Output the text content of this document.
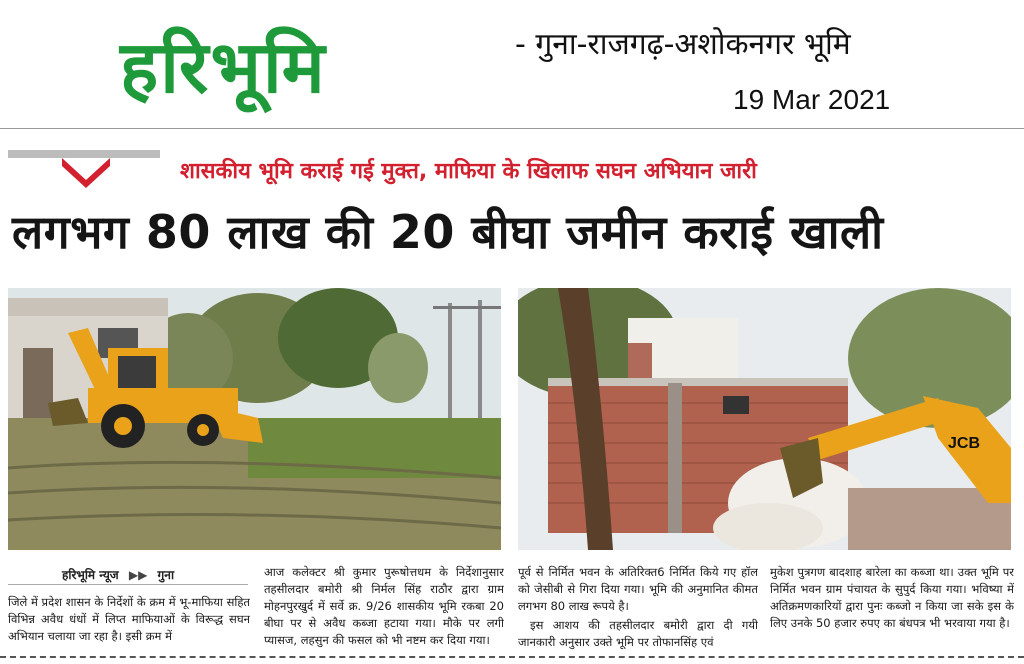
हरिभूमि	- गुना-राजगढ़-अशोकनगर भूमि
19 Mar 2021
शासकीय भूमि कराई गई मुक्त, माफिया के खिलाफ सघन अभियान जारी
लगभग 80 लाख की 20 बीघा जमीन कराई खाली
JCB
हरिभूमि न्यूज ▶▶ गुना

जिले में प्रदेश शासन के निर्देशों के क्रम में भू-माफिया सहित विभिन्न अवैध धंधों में लिप्त माफियाओं के विरूद्ध सघन अभियान चलाया जा रहा है। इसी क्रम में

आज कलेक्टर श्री कुमार पुरूषोत्तधम के निर्देशानुसार तहसीलदार बमोरी श्री निर्मल सिंह राठौर द्वारा ग्राम मोहनपुरखुर्द में सर्वे क्र. 9/26 शासकीय भूमि रकबा 20 बीघा पर से अवैध कब्जा हटाया गया। मौके पर लगी प्यासज, लहसुन की फसल को भी नष्टम कर दिया गया।

पूर्व से निर्मित भवन के अतिरिक्त6 निर्मित किये गए हॉल को जेसीबी से गिरा दिया गया। भूमि की अनुमानित कीमत लगभग 80 लाख रूपये है।

इस आशय की तहसीलदार बमोरी द्वारा दी गयी जानकारी अनुसार उक्ते भूमि पर तोफानसिंह एवं

मुकेश पुत्रगण बादशाह बारेला का कब्जा था। उक्त भूमि पर निर्मित भवन ग्राम पंचायत के सुपुर्द किया गया। भविष्या में अतिक्रमणकारियों द्वारा पुनः कब्जो न किया जा सके इस के लिए उनके 50 हजार रुपए का बंधपत्र भी भरवाया गया है।
